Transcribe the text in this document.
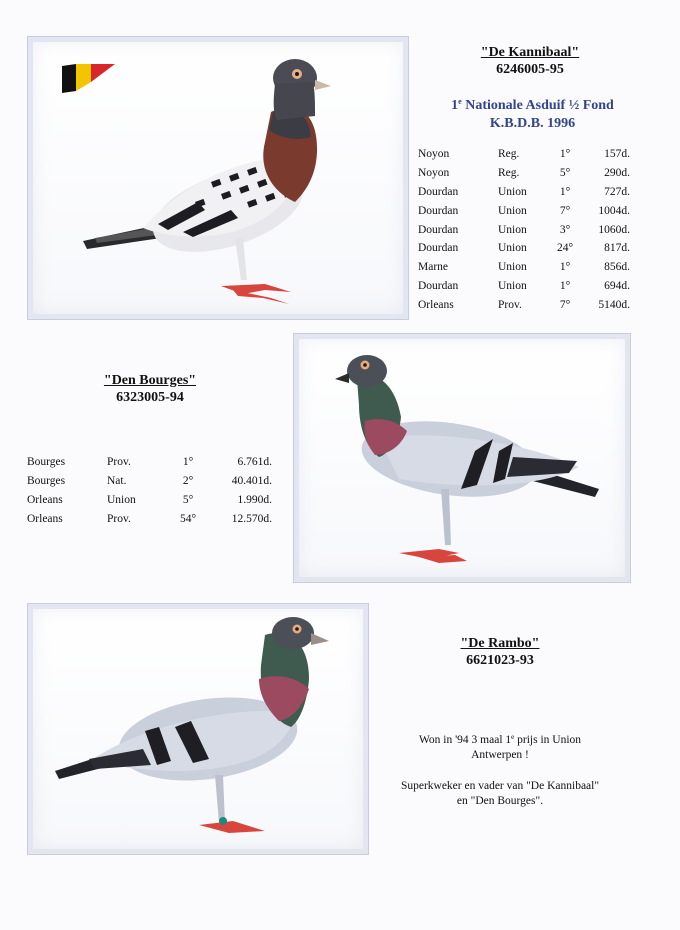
"De Kannibaal"
6246005-95
1e Nationale Asduif ½ Fond
K.B.D.B. 1996
Noyon	Reg.	1°	157d.
Noyon	Reg.	5°	290d.
Dourdan	Union	1°	727d.
Dourdan	Union	7°	1004d.
Dourdan	Union	3°	1060d.
Dourdan	Union	24°	817d.
Marne	Union	1°	856d.
Dourdan	Union	1°	694d.
Orleans	Prov.	7°	5140d.
"Den Bourges"
6323005-94
Bourges	Prov.	1°	6.761d.
Bourges	Nat.	2°	40.401d.
Orleans	Union	5°	1.990d.
Orleans	Prov.	54°	12.570d.
"De Rambo"
6621023-93

Won in '94 3 maal 1e prijs in Union
Antwerpen !

Superkweker en vader van "De Kannibaal"
en "Den Bourges".
